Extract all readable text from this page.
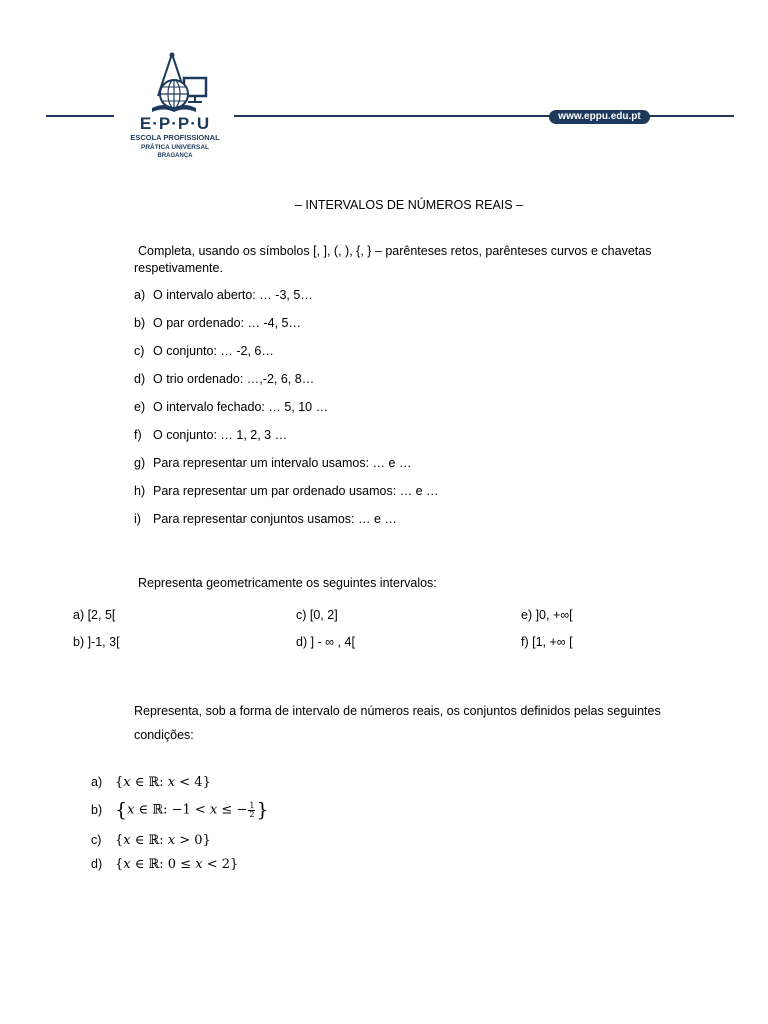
E·P·P·U
ESCOLA PROFISSIONAL
PRÁTICA UNIVERSAL
BRAGANÇA
www.eppu.edu.pt
– INTERVALOS DE NÚMEROS REAIS –
Completa, usando os símbolos [, ], (, ), {, } – parênteses retos, parênteses curvos e chavetas respetivamente.
a) O intervalo aberto: … -3, 5…
b) O par ordenado: … -4, 5…
c) O conjunto: … -2, 6…
d) O trio ordenado: …,-2, 6, 8…
e) O intervalo fechado: … 5, 10 …
f) O conjunto: … 1, 2, 3 …
g) Para representar um intervalo usamos: … e …
h) Para representar um par ordenado usamos: … e …
i) Para representar conjuntos usamos: … e …
Representa geometricamente os seguintes intervalos:
a) [2, 5[
b) ]-1, 3[
c) [0, 2]
d) ] - ∞ , 4[
e) ]0, +∞[
f) [1, +∞ [
Representa, sob a forma de intervalo de números reais, os conjuntos definidos pelas seguintes
condições:
a) {𝑥 ∈ ℝ: 𝑥 < 4}
b) {𝑥 ∈ ℝ: −1 < 𝑥 ≤ − $\frac{1}{2}$ }
c) {𝑥 ∈ ℝ: 𝑥 > 0}
d) {𝑥 ∈ ℝ: 0 ≤ 𝑥 < 2}
